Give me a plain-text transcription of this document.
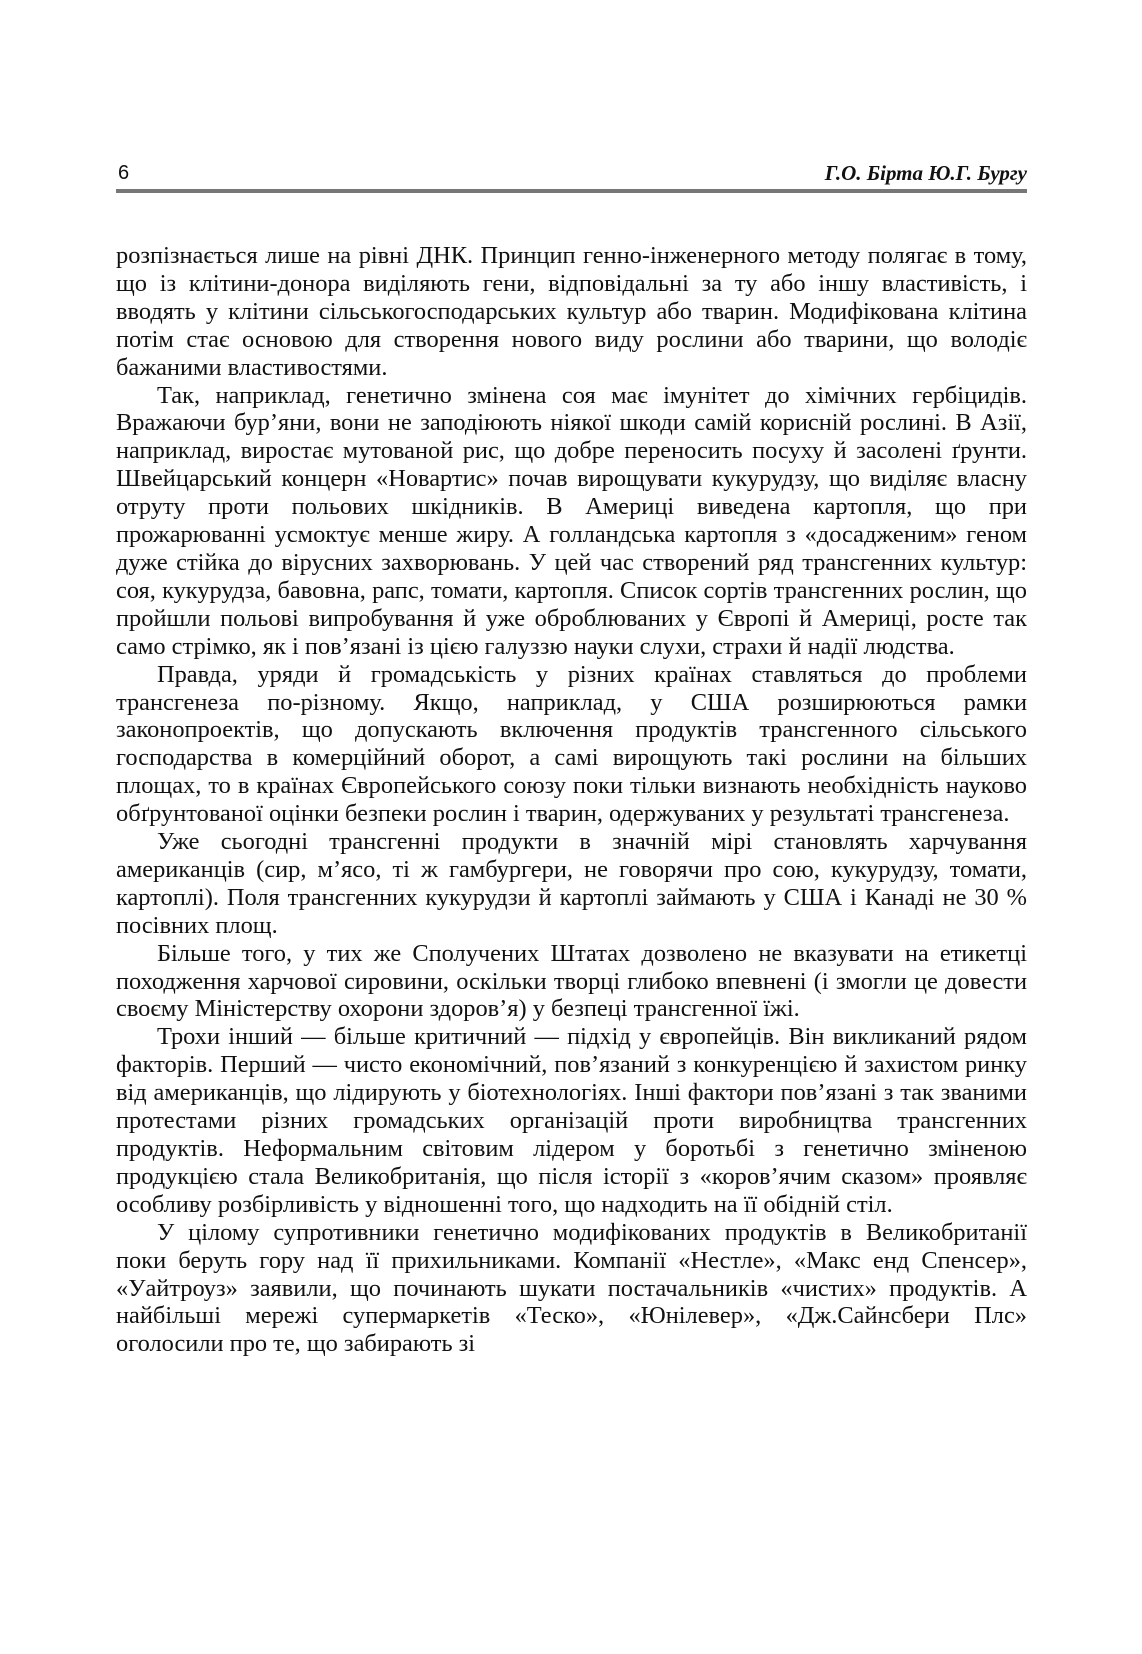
6	Г.О. Бірта Ю.Г. Бургу

розпізнається лише на рівні ДНК. Принцип генно-інженерного методу полягає в тому, що із клітини-донора виділяють гени, відповідальні за ту або іншу властивість, і вводять у клітини сільськогосподарських культур або тварин. Модифікована клітина потім стає основою для створення нового виду рослини або тварини, що володіє бажаними властивостями.

Так, наприклад, генетично змінена соя має імунітет до хімічних гербіцидів. Вражаючи бур’яни, вони не заподіюють ніякої шкоди самій корисній рослині. В Азії, наприклад, виростає мутованой рис, що добре переносить посуху й засолені ґрунти. Швейцарський концерн «Новартис» почав вирощувати кукурудзу, що виділяє власну отруту проти польових шкідників. В Америці виведена картопля, що при прожарюванні усмоктує менше жиру. А голландська картопля з «досадженим» геном дуже стійка до вірусних захворювань. У цей час створений ряд трансгенних культур: соя, кукурудза, бавовна, рапс, томати, картопля. Список сортів трансгенних рослин, що пройшли польові випробування й уже оброблюваних у Європі й Америці, росте так само стрімко, як і пов’язані із цією галуззю науки слухи, страхи й надії людства.

Правда, уряди й громадськість у різних країнах ставляться до проблеми трансгенеза по-різному. Якщо, наприклад, у США розширюються рамки законопроектів, що допускають включення продуктів трансгенного сільського господарства в комерційний оборот, а самі вирощують такі рослини на більших площах, то в країнах Європейського союзу поки тільки визнають необхідність науково обґрунтованої оцінки безпеки рослин і тварин, одержуваних у результаті трансгенеза.

Уже сьогодні трансгенні продукти в значній мірі становлять харчування американців (сир, м’ясо, ті ж гамбургери, не говорячи про сою, кукурудзу, томати, картоплі). Поля трансгенних кукурудзи й картоплі займають у США і Канаді не 30 % посівних площ.

Більше того, у тих же Сполучених Штатах дозволено не вказувати на етикетці походження харчової сировини, оскільки творці глибоко впевнені (і змогли це довести своєму Міністерству охорони здоров’я) у безпеці трансгенної їжі.

Трохи інший — більше критичний — підхід у європейців. Він викликаний рядом факторів. Перший — чисто економічний, пов’язаний з конкуренцією й захистом ринку від американців, що лідирують у біотехнологіях. Інші фактори пов’язані з так званими протестами різних громадських організацій проти виробництва трансгенних продуктів. Неформальним світовим лідером у боротьбі з генетично зміненою продукцією стала Великобританія, що після історії з «коров’ячим сказом» проявляє особливу розбірливість у відношенні того, що надходить на її обідній стіл.

У цілому супротивники генетично модифікованих продуктів в Великобританії поки беруть гору над її прихильниками. Компанії «Нестле», «Макс енд Спенсер», «Уайтроуз» заявили, що починають шукати постачальників «чистих» продуктів. А найбільші мережі супермаркетів «Теско», «Юнілевер», «Дж.Сайнсбери Плс» оголосили про те, що забирають зі
